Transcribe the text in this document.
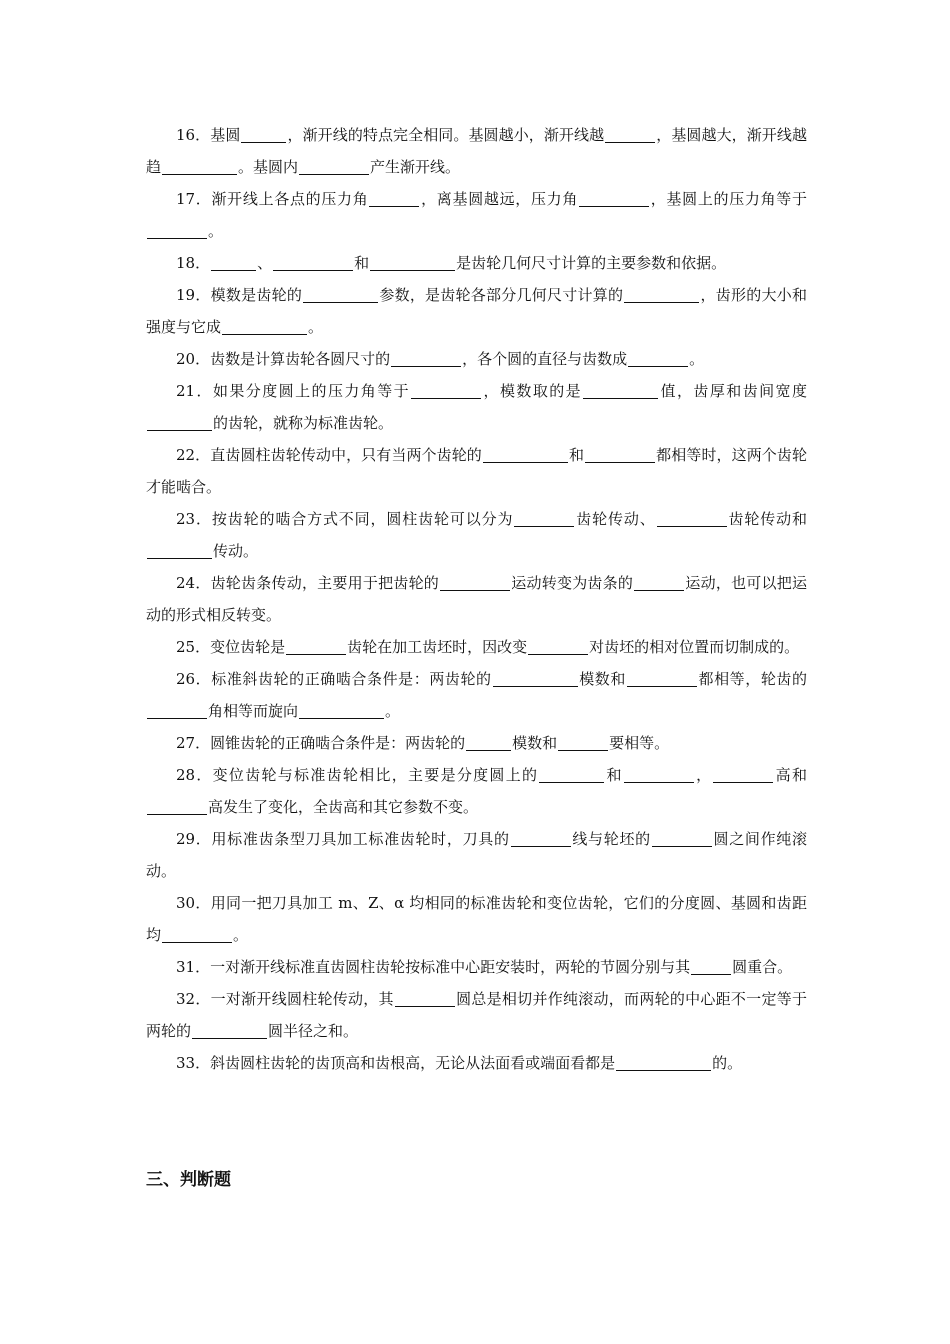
16．基圆	，渐开线的特点完全相同。基圆越小，渐开线越	，基圆越大，渐开线越趋	。基圆内	产生渐开线。

17．渐开线上各点的压力角	，离基圆越远，压力角	，基圆上的压力角等于。

18．	、	和	是齿轮几何尺寸计算的主要参数和依据。

19．模数是齿轮的	参数，是齿轮各部分几何尺寸计算的	，齿形的大小和强度与它成	。

20．齿数是计算齿轮各圆尺寸的	，各个圆的直径与齿数成	。

21．如果分度圆上的压力角等于	，模数取的是	值，齿厚和齿间宽度的齿轮，就称为标准齿轮。

22．直齿圆柱齿轮传动中，只有当两个齿轮的	和	都相等时，这两个齿轮才能啮合。

23．按齿轮的啮合方式不同，圆柱齿轮可以分为	齿轮传动、	齿轮传动和传动。

24．齿轮齿条传动，主要用于把齿轮的	运动转变为齿条的	运动，也可以把运动的形式相反转变。

25．变位齿轮是	齿轮在加工齿坯时，因改变	对齿坯的相对位置而切制成的。

26．标准斜齿轮的正确啮合条件是：两齿轮的	模数和	都相等，轮齿的角相等而旋向	。

27．圆锥齿轮的正确啮合条件是：两齿轮的	模数和	要相等。

28．变位齿轮与标准齿轮相比，主要是分度圆上的	和	，	高和高发生了变化，全齿高和其它参数不变。

29．用标准齿条型刀具加工标准齿轮时，刀具的	线与轮坯的	圆之间作纯滚动。

30．用同一把刀具加工 m、Z、α 均相同的标准齿轮和变位齿轮，它们的分度圆、基圆和齿距均	。

31．一对渐开线标准直齿圆柱齿轮按标准中心距安装时，两轮的节圆分别与其	圆重合。

32．一对渐开线圆柱轮传动，其	圆总是相切并作纯滚动，而两轮的中心距不一定等于两轮的	圆半径之和。

33．斜齿圆柱齿轮的齿顶高和齿根高，无论从法面看或端面看都是	的。

三、判断题
